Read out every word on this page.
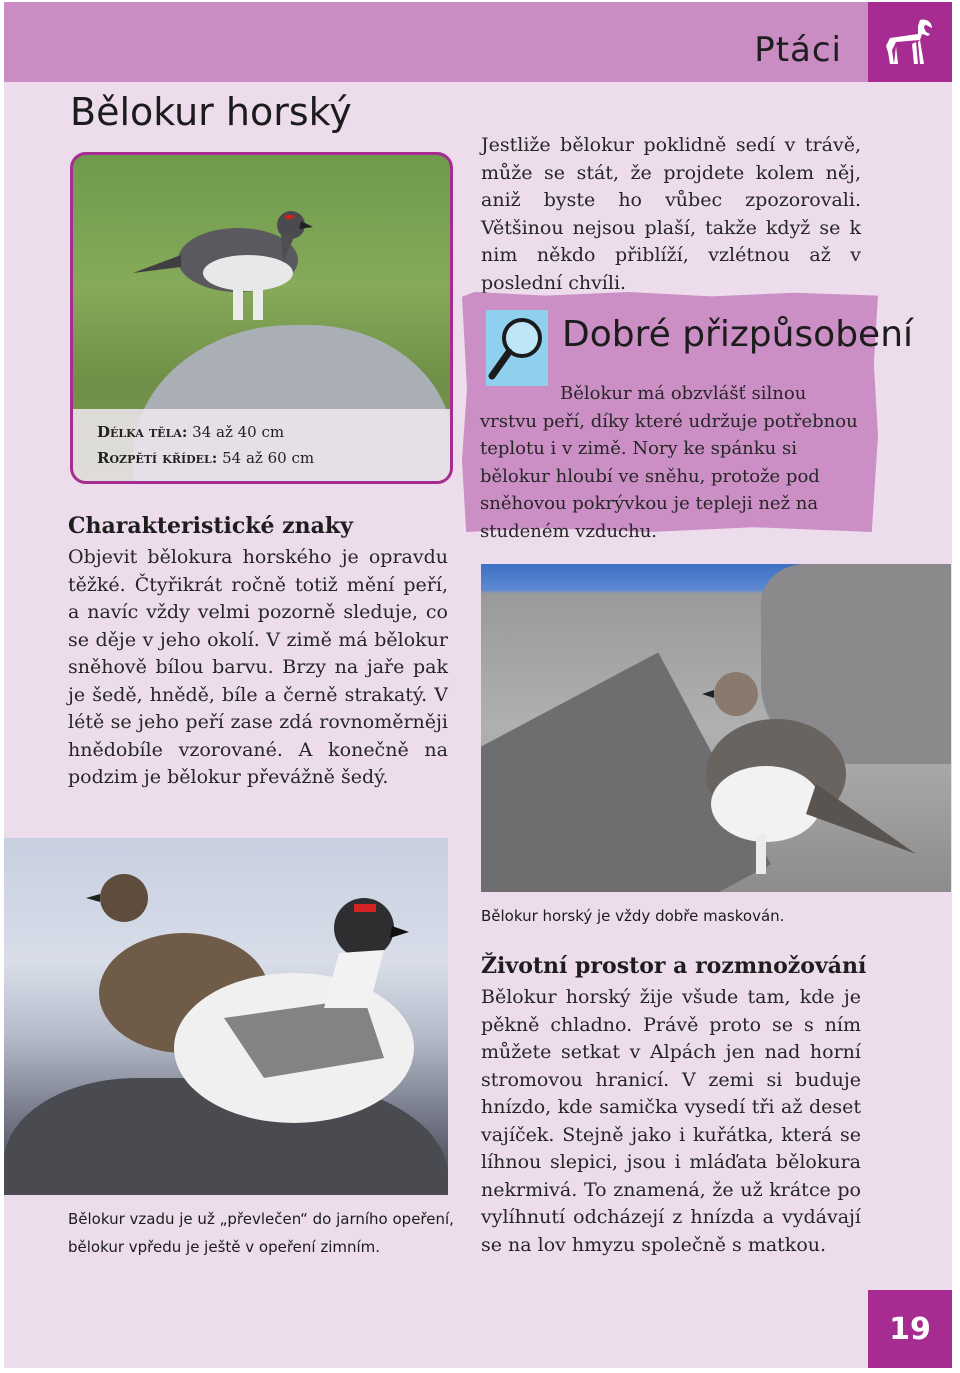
Ptáci
Bělokur horský
Délka těla: 34 až 40 cm
Rozpětí křídel: 54 až 60 cm

Jestliže bělokur poklidně sedí v trávě, může se stát, že projdete kolem něj, aniž byste ho vůbec zpozorovali. Většinou nejsou plaší, takže když se k nim někdo přiblíží, vzlétnou až v poslední chvíli.

Charakteristické znaky

Objevit bělokura horského je opravdu těžké. Čtyřikrát ročně totiž mění peří, a navíc vždy velmi pozorně sleduje, co se děje v jeho okolí. V zimě má bělokur sněhově bílou barvu. Brzy na jaře pak je šedě, hnědě, bíle a černě strakatý. V létě se jeho peří zase zdá rovnoměrněji hnědobíle vzorované. A konečně na podzim je bělokur převážně šedý.

Dobré přizpůsobení

Bělokur má obzvlášť silnou vrstvu peří, díky které udržuje potřebnou teplotu i v zimě. Nory ke spánku si bělokur hloubí ve sněhu, protože pod sněhovou pokrývkou je tepleji než na studeném vzduchu.

Bělokur horský je vždy dobře maskován.

Životní prostor a rozmnožování

Bělokur horský žije všude tam, kde je pěkně chladno. Právě proto se s ním můžete setkat v Alpách jen nad horní stromovou hranicí. V zemi si buduje hnízdo, kde samička vysedí tři až deset vajíček. Stejně jako i kuřátka, která se líhnou slepici, jsou i mláďata bělokura nekrmivá. To znamená, že už krátce po vylíhnutí odcházejí z hnízda a vydávají se na lov hmyzu společně s matkou.

Bělokur vzadu je už „převlečen“ do jarního opeření,
bělokur vpředu je ještě v opeření zimním.

19
